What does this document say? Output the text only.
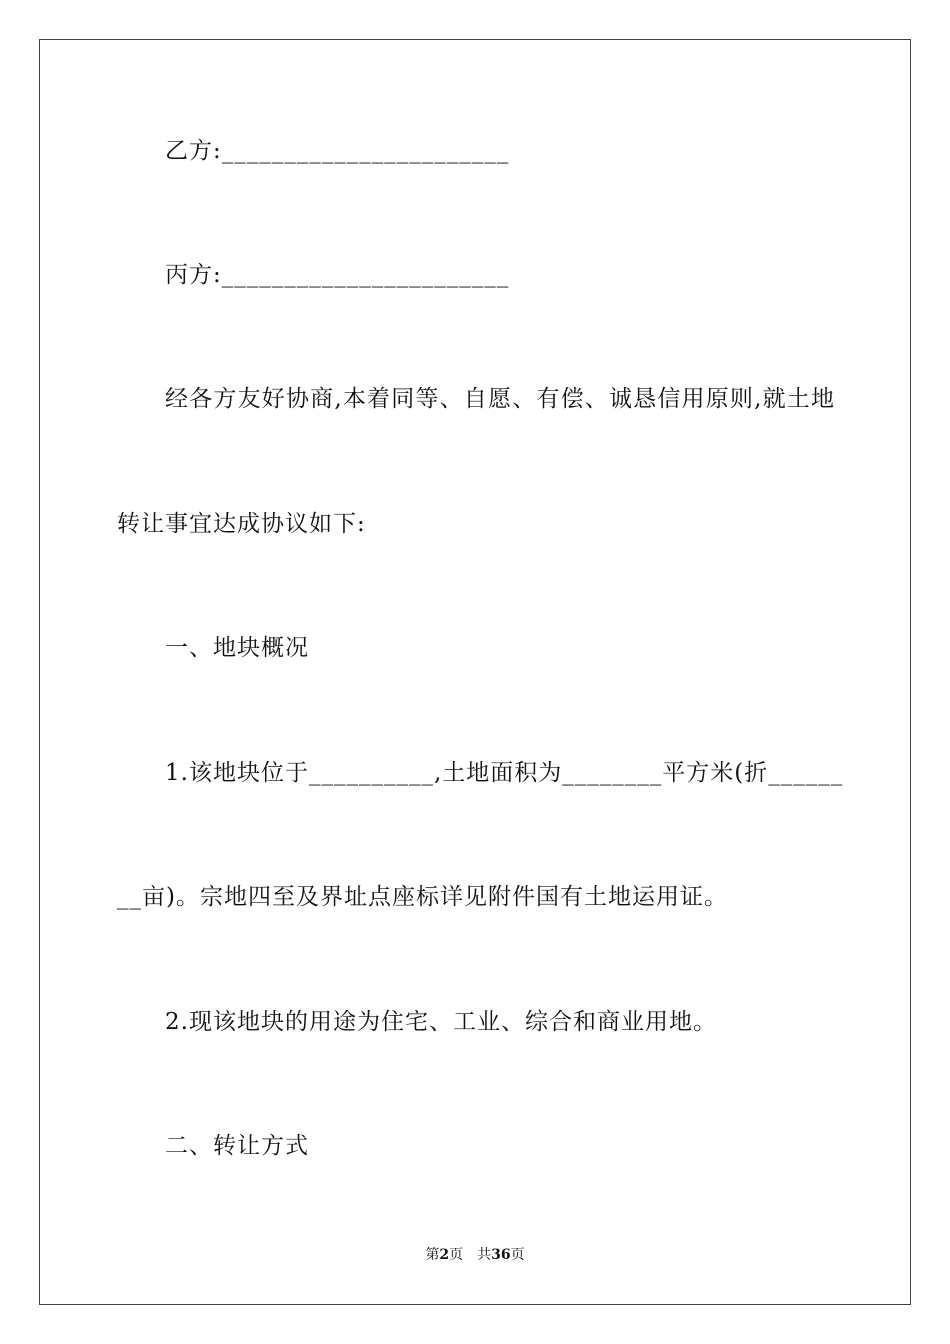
乙方:_______________________
丙方:_______________________
经各方友好协商,本着同等、自愿、有偿、诚恳信用原则,就土地
转让事宜达成协议如下:
一、地块概况
1.该地块位于__________,土地面积为________平方米(折______
__亩)。宗地四至及界址点座标详见附件国有土地运用证。
2.现该地块的用途为住宅、工业、综合和商业用地。
二、转让方式
第2页 共36页
